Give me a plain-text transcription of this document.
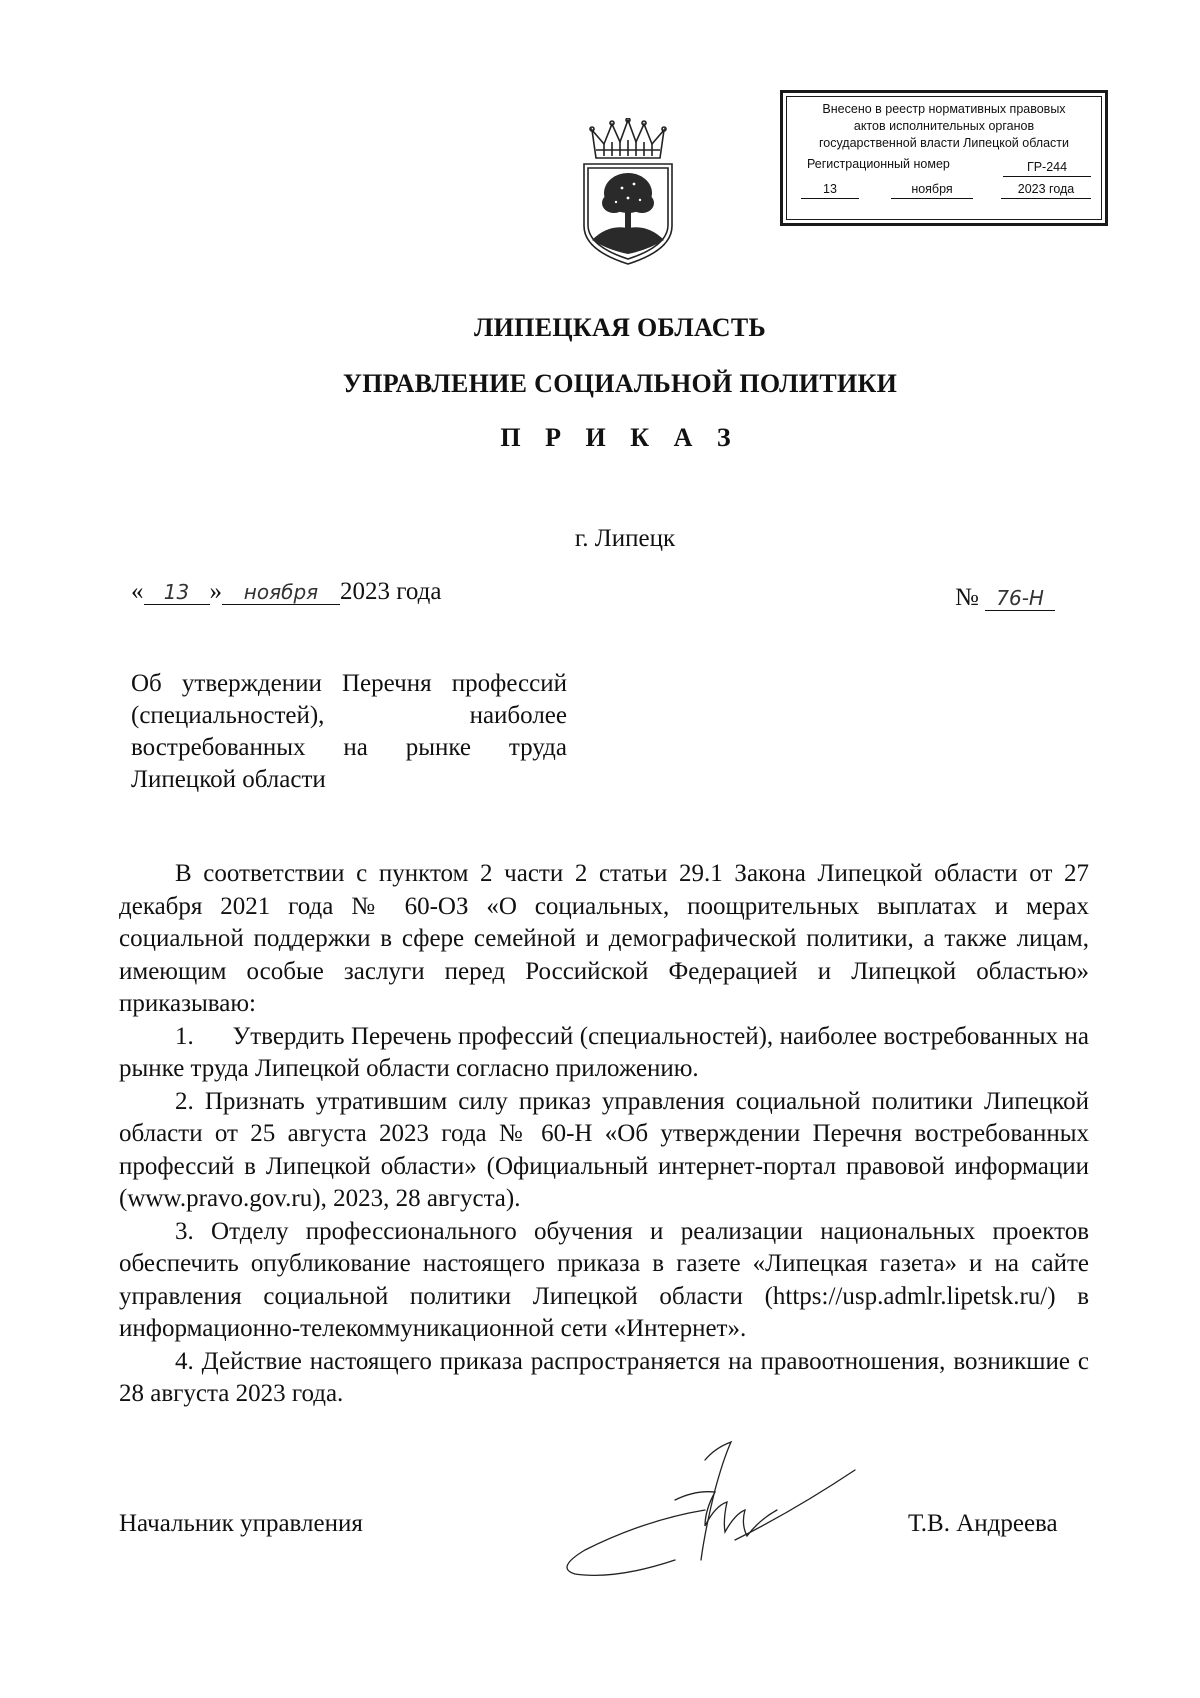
Внесено в реестр нормативных правовых
актов исполнительных органов
государственной власти Липецкой области
Регистрационный номер	ГР-244
13	ноября	2023 года
ЛИПЕЦКАЯ ОБЛАСТЬ
УПРАВЛЕНИЕ СОЦИАЛЬНОЙ ПОЛИТИКИ
П Р И К А З
г. Липецк
« 13 » ноября 2023 года	№ 76-Н
Об утверждении Перечня профессий (специальностей), наиболее востребованных на рынке труда Липецкой области

В соответствии с пунктом 2 части 2 статьи 29.1 Закона Липецкой области от 27 декабря 2021 года № 60-ОЗ «О социальных, поощрительных выплатах и мерах социальной поддержки в сфере семейной и демографической политики, а также лицам, имеющим особые заслуги перед Российской Федерацией и Липецкой областью» приказываю:

1.      Утвердить Перечень профессий (специальностей), наиболее востребованных на рынке труда Липецкой области согласно приложению.

2. Признать утратившим силу приказ управления социальной политики Липецкой области от 25 августа 2023 года № 60-Н «Об утверждении Перечня востребованных профессий в Липецкой области» (Официальный интернет-портал правовой информации (www.pravo.gov.ru), 2023, 28 августа).

3. Отделу профессионального обучения и реализации национальных проектов обеспечить опубликование настоящего приказа в газете «Липецкая газета» и на сайте управления социальной политики Липецкой области (https://usp.admlr.lipetsk.ru/) в информационно-телекоммуникационной сети «Интернет».

4. Действие настоящего приказа распространяется на правоотношения, возникшие с 28 августа 2023 года.

Начальник управления	Т.В. Андреева
